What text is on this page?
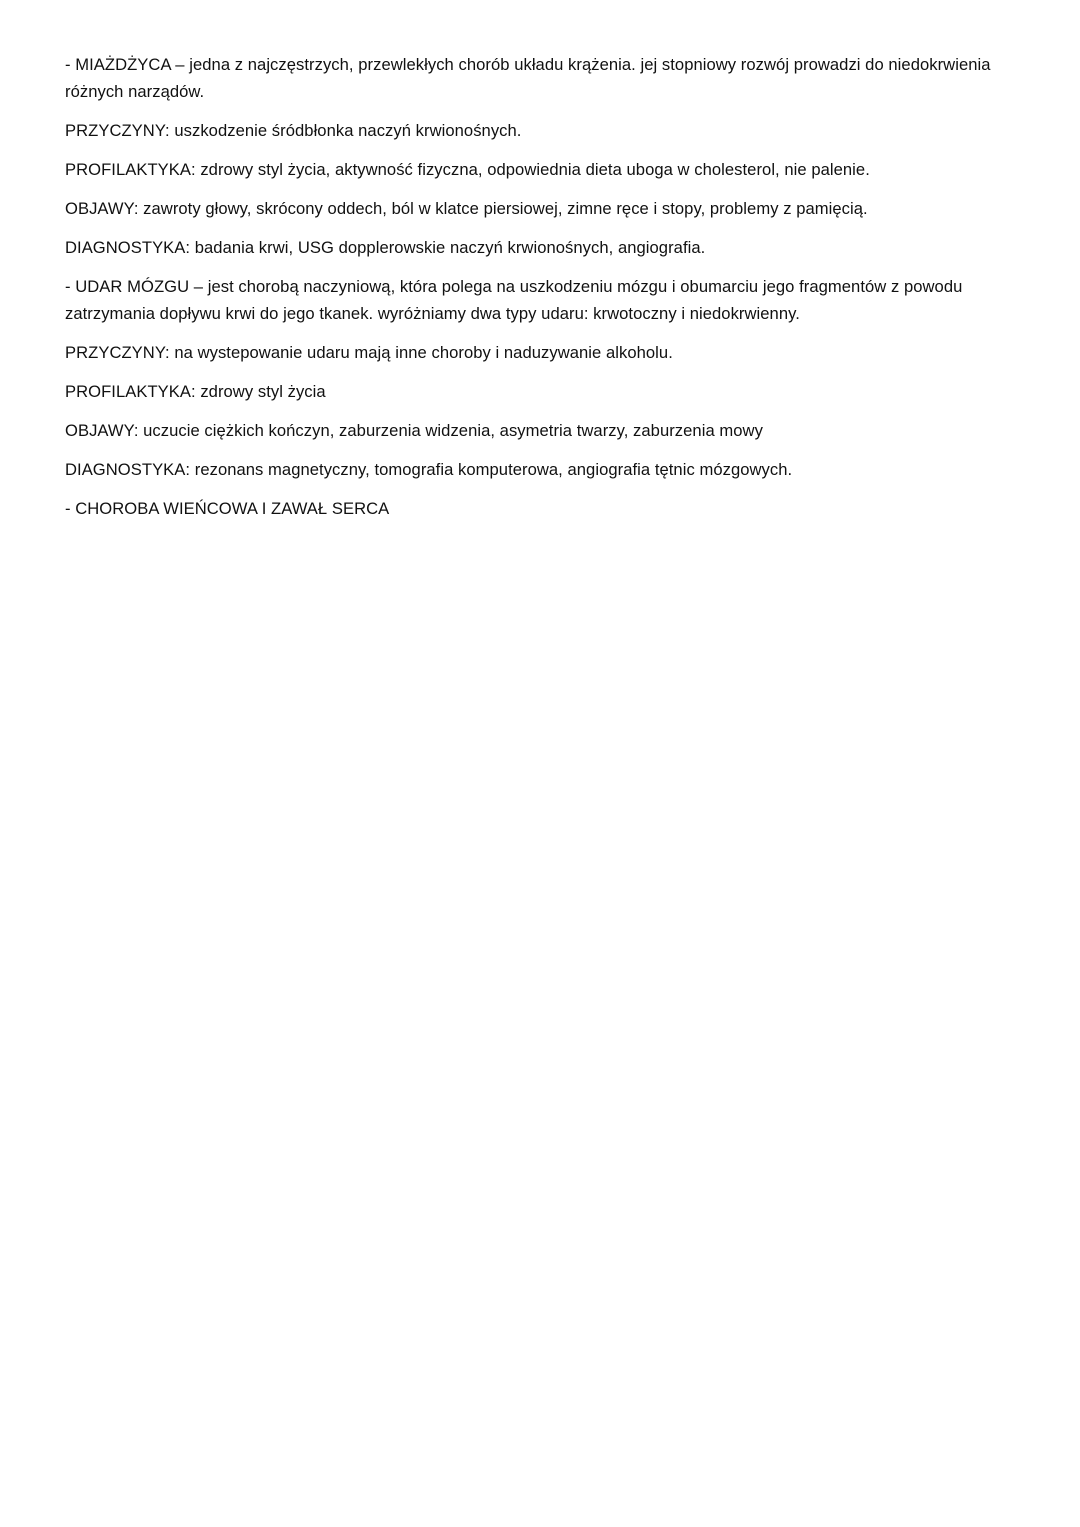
- MIAŻDŻYCA – jedna z najczęstrzych, przewlekłych chorób układu krążenia. jej stopniowy rozwój prowadzi do niedokrwienia różnych narządów.

PRZYCZYNY: uszkodzenie śródbłonka naczyń krwionośnych.

PROFILAKTYKA: zdrowy styl życia, aktywność fizyczna, odpowiednia dieta uboga w cholesterol, nie palenie.

OBJAWY: zawroty głowy, skrócony oddech, ból w klatce piersiowej, zimne ręce i stopy, problemy z pamięcią.

DIAGNOSTYKA: badania krwi, USG dopplerowskie naczyń krwionośnych, angiografia.

- UDAR MÓZGU – jest chorobą naczyniową, która polega na uszkodzeniu mózgu i obumarciu jego fragmentów z powodu zatrzymania dopływu krwi do jego tkanek. wyróżniamy dwa typy udaru: krwotoczny i niedokrwienny.

PRZYCZYNY: na wystepowanie udaru mają inne choroby i naduzywanie alkoholu.

PROFILAKTYKA: zdrowy styl życia

OBJAWY: uczucie ciężkich kończyn, zaburzenia widzenia, asymetria twarzy, zaburzenia mowy

DIAGNOSTYKA: rezonans magnetyczny, tomografia komputerowa, angiografia tętnic mózgowych.

- CHOROBA WIEŃCOWA I ZAWAŁ SERCA
